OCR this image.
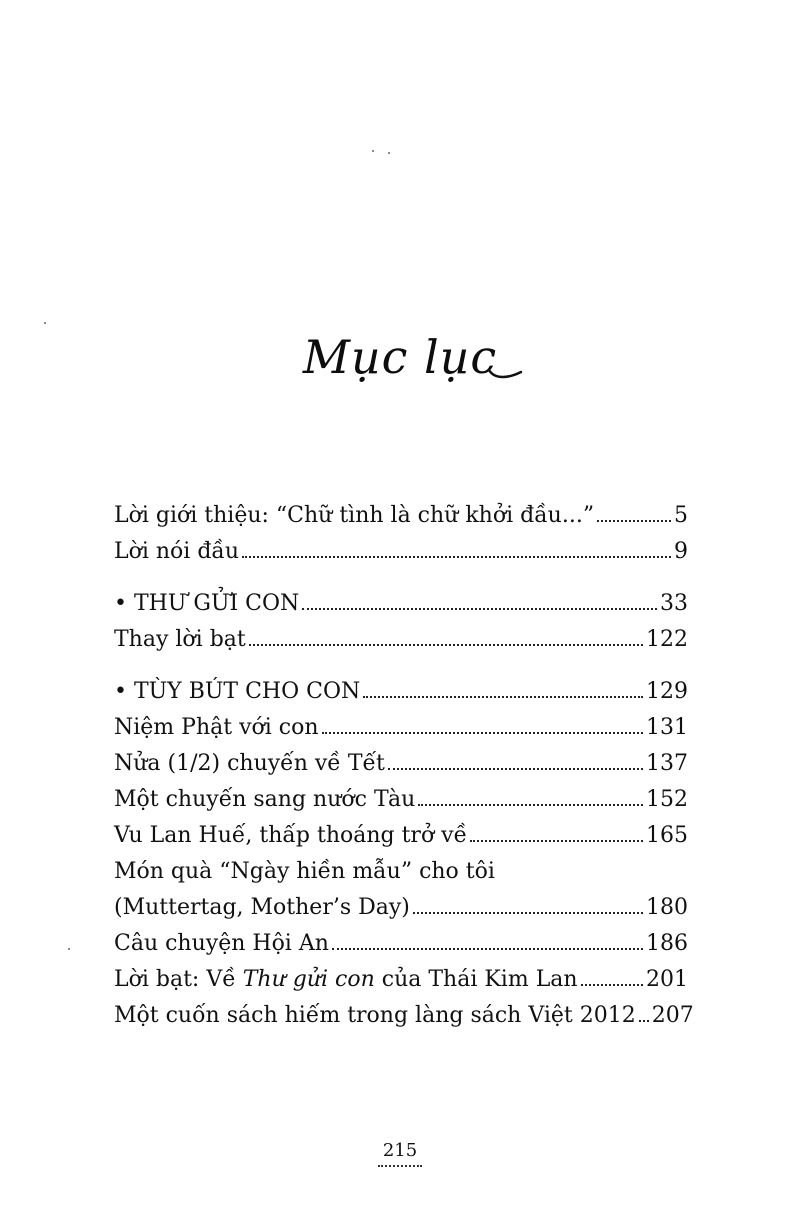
Mục lục
Lời giới thiệu: “Chữ tình là chữ khởi đầu...”	5
Lời nói đầu	9
• THƯ GỬI CON	33
Thay lời bạt	122
• TÙY BÚT CHO CON	129
Niệm Phật với con	131
Nửa (1/2) chuyến về Tết	137
Một chuyến sang nước Tàu	152
Vu Lan Huế, thấp thoáng trở về	165
Món quà “Ngày hiền mẫu” cho tôi
(Muttertag, Mother’s Day)	180
Câu chuyện Hội An	186
Lời bạt: Về Thư gửi con của Thái Kim Lan	201
Một cuốn sách hiếm trong làng sách Việt 2012 207
215
